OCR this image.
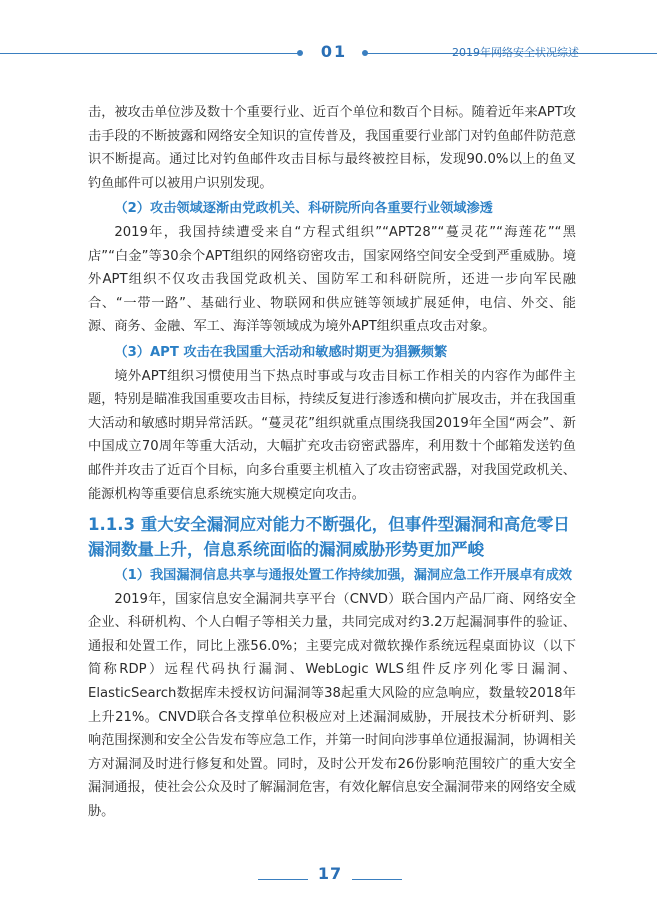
01	2019年网络安全状况综述

击，被攻击单位涉及数十个重要行业、近百个单位和数百个目标。随着近年来APT攻击手段的不断披露和网络安全知识的宣传普及，我国重要行业部门对钓鱼邮件防范意识不断提高。通过比对钓鱼邮件攻击目标与最终被控目标，发现90.0%以上的鱼叉钓鱼邮件可以被用户识别发现。

（2）攻击领域逐渐由党政机关、科研院所向各重要行业领域渗透

2019年，我国持续遭受来自“方程式组织”“APT28”“蔓灵花”“海莲花”“黑店”“白金”等30余个APT组织的网络窃密攻击，国家网络空间安全受到严重威胁。境外APT组织不仅攻击我国党政机关、国防军工和科研院所，还进一步向军民融合、“一带一路”、基础行业、物联网和供应链等领域扩展延伸，电信、外交、能源、商务、金融、军工、海洋等领域成为境外APT组织重点攻击对象。

（3）APT 攻击在我国重大活动和敏感时期更为猖獗频繁

境外APT组织习惯使用当下热点时事或与攻击目标工作相关的内容作为邮件主题，特别是瞄准我国重要攻击目标，持续反复进行渗透和横向扩展攻击，并在我国重大活动和敏感时期异常活跃。“蔓灵花”组织就重点围绕我国2019年全国“两会”、新中国成立70周年等重大活动，大幅扩充攻击窃密武器库，利用数十个邮箱发送钓鱼邮件并攻击了近百个目标，向多台重要主机植入了攻击窃密武器，对我国党政机关、能源机构等重要信息系统实施大规模定向攻击。

1.1.3 重大安全漏洞应对能力不断强化，但事件型漏洞和高危零日漏洞数量上升，信息系统面临的漏洞威胁形势更加严峻
（1）我国漏洞信息共享与通报处置工作持续加强，漏洞应急工作开展卓有成效

2019年，国家信息安全漏洞共享平台（CNVD）联合国内产品厂商、网络安全企业、科研机构、个人白帽子等相关力量，共同完成对约3.2万起漏洞事件的验证、通报和处置工作，同比上涨56.0%；主要完成对微软操作系统远程桌面协议（以下简称RDP）远程代码执行漏洞、WebLogic WLS组件反序列化零日漏洞、ElasticSearch数据库未授权访问漏洞等38起重大风险的应急响应，数量较2018年上升21%。CNVD联合各支撑单位积极应对上述漏洞威胁，开展技术分析研判、影响范围探测和安全公告发布等应急工作，并第一时间向涉事单位通报漏洞，协调相关方对漏洞及时进行修复和处置。同时，及时公开发布26份影响范围较广的重大安全漏洞通报，使社会公众及时了解漏洞危害，有效化解信息安全漏洞带来的网络安全威胁。

17
